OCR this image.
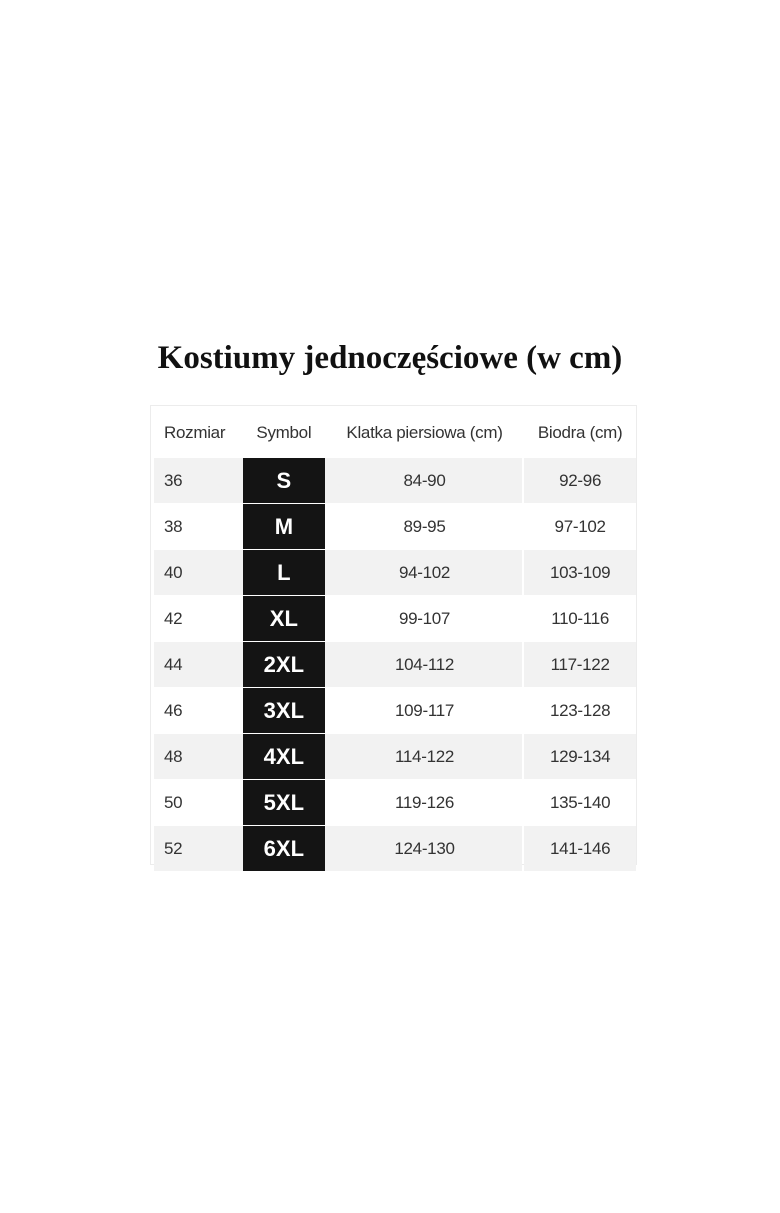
Kostiumy jednoczęściowe (w cm)
Rozmiar	Symbol		Klatka piersiowa (cm)		Biodra (cm)
36	S		84-90		92-96
38	M		89-95		97-102
40	L		94-102		103-109
42	XL		99-107		110-116
44	2XL		104-112		117-122
46	3XL		109-117		123-128
48	4XL		114-122		129-134
50	5XL		119-126		135-140
52	6XL		124-130		141-146
